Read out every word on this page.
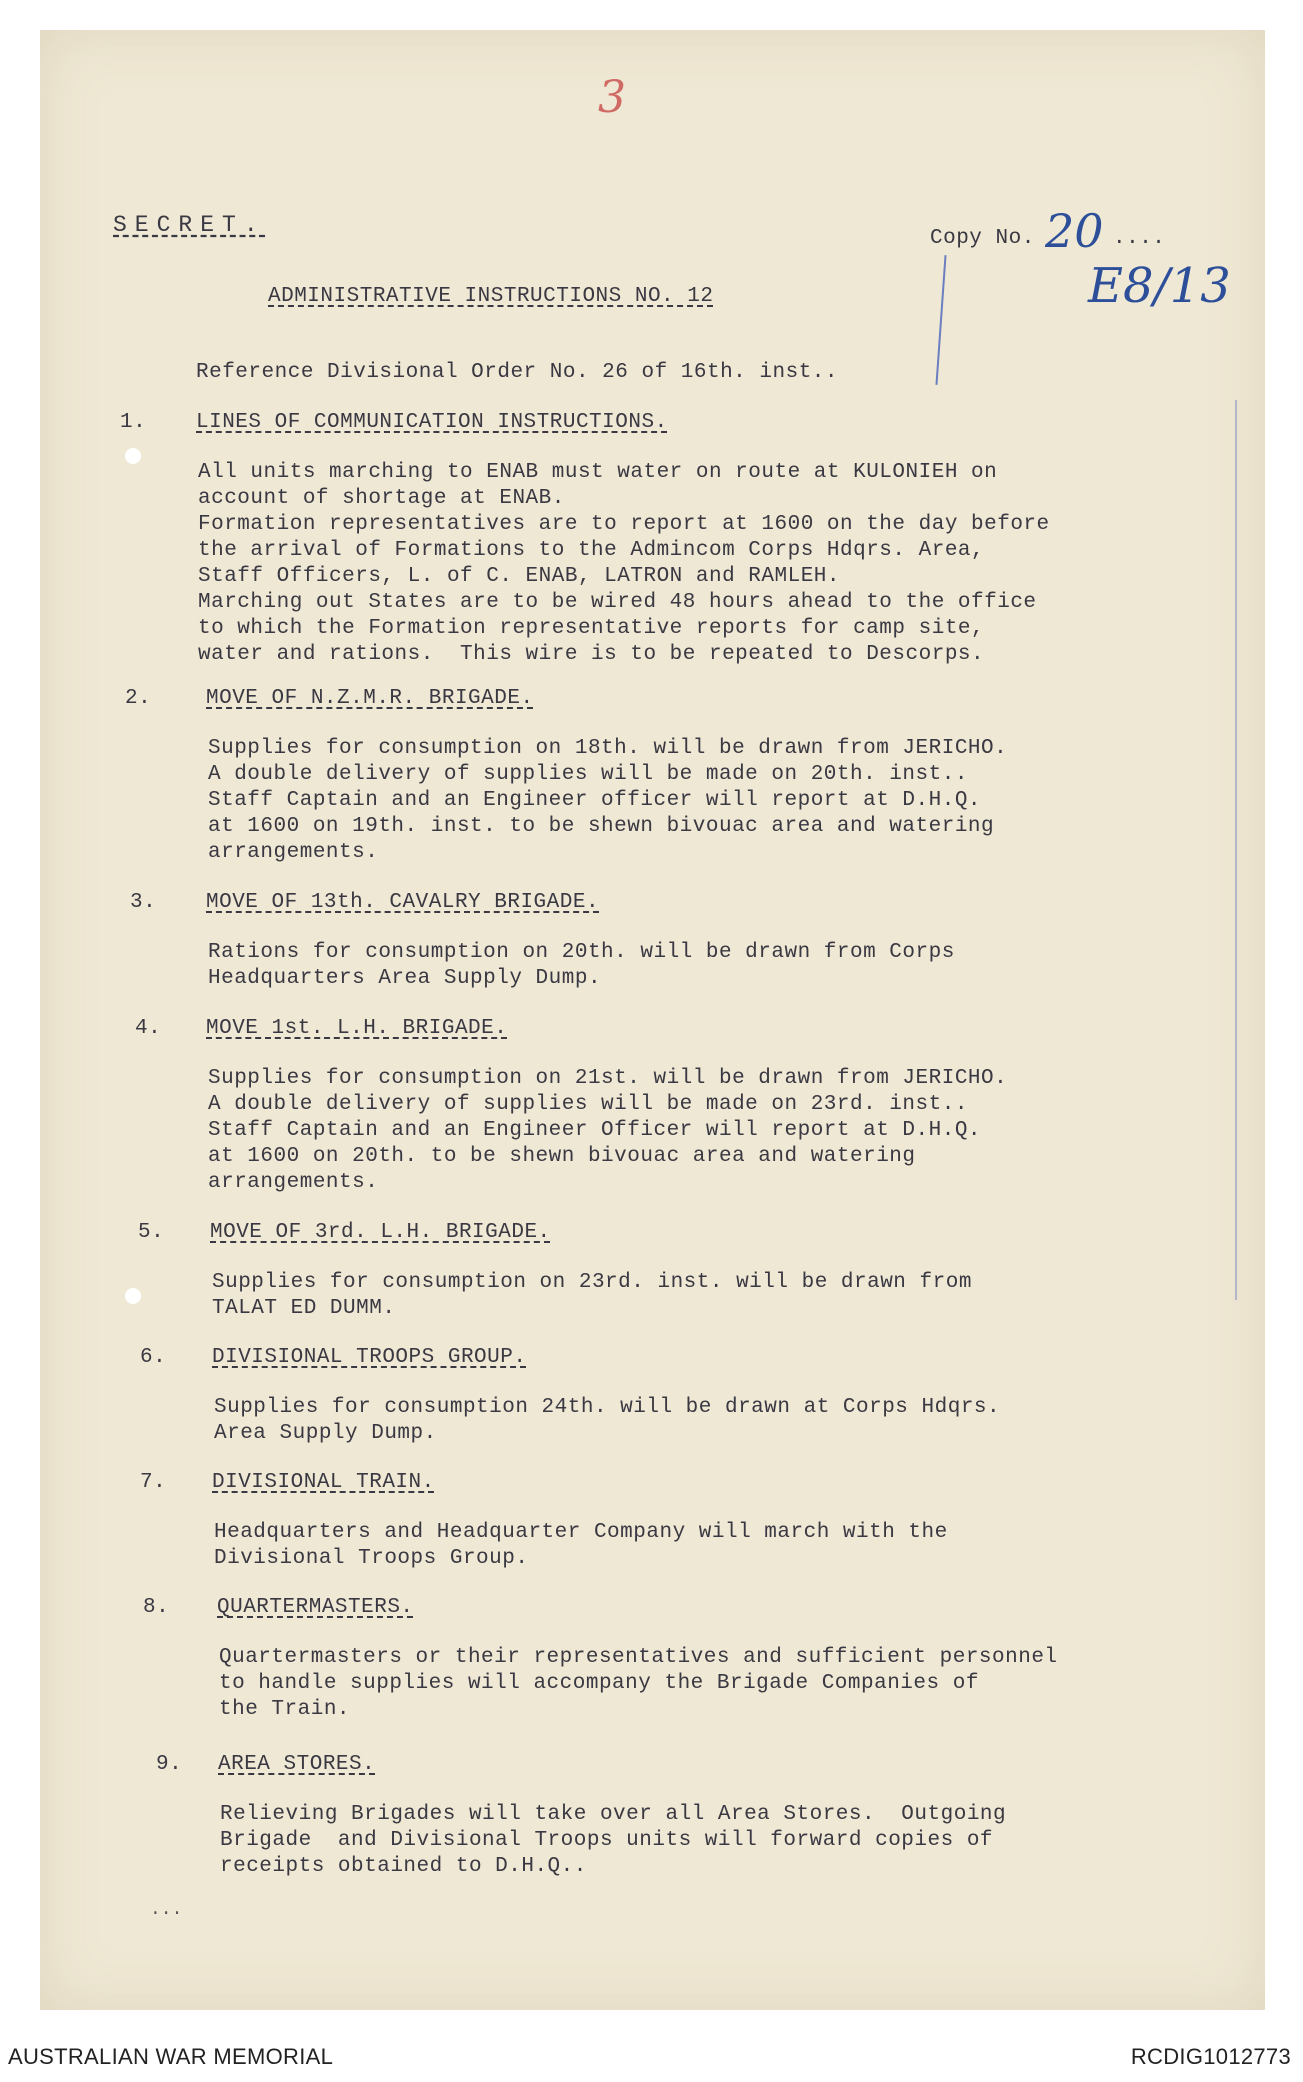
3
E8/13
SECRET.
Copy No. 20 ....
ADMINISTRATIVE INSTRUCTIONS NO. 12
Reference Divisional Order No. 26 of 16th. inst..
1. LINES OF COMMUNICATION INSTRUCTIONS.
All units marching to ENAB must water on route at KULONIEH on
account of shortage at ENAB.
Formation representatives are to report at 1600 on the day before
the arrival of Formations to the Admincom Corps Hdqrs. Area,
Staff Officers, L. of C. ENAB, LATRON and RAMLEH.
Marching out States are to be wired 48 hours ahead to the office
to which the Formation representative reports for camp site,
water and rations.  This wire is to be repeated to Descorps.
2.	MOVE OF N.Z.M.R. BRIGADE.
Supplies for consumption on 18th. will be drawn from JERICHO.
A double delivery of supplies will be made on 20th. inst..
Staff Captain and an Engineer officer will report at D.H.Q.
at 1600 on 19th. inst. to be shewn bivouac area and watering
arrangements.
3. MOVE OF 13th. CAVALRY BRIGADE.
Rations for consumption on 20th. will be drawn from Corps
Headquarters Area Supply Dump.
4. MOVE 1st. L.H. BRIGADE.
Supplies for consumption on 21st. will be drawn from JERICHO.
A double delivery of supplies will be made on 23rd. inst..
Staff Captain and an Engineer Officer will report at D.H.Q.
at 1600 on 20th. to be shewn bivouac area and watering
arrangements.
5. MOVE OF 3rd. L.H. BRIGADE.
Supplies for consumption on 23rd. inst. will be drawn from
TALAT ED DUMM.
6. DIVISIONAL TROOPS GROUP.
Supplies for consumption 24th. will be drawn at Corps Hdqrs.
Area Supply Dump.
7. DIVISIONAL TRAIN.
Headquarters and Headquarter Company will march with the
Divisional Troops Group.
8. QUARTERMASTERS.
Quartermasters or their representatives and sufficient personnel
to handle supplies will accompany the Brigade Companies of
the Train.
9. AREA STORES.
Relieving Brigades will take over all Area Stores.  Outgoing
Brigade  and Divisional Troops units will forward copies of
receipts obtained to D.H.Q..
...
AUSTRALIAN WAR MEMORIAL	RCDIG1012773
